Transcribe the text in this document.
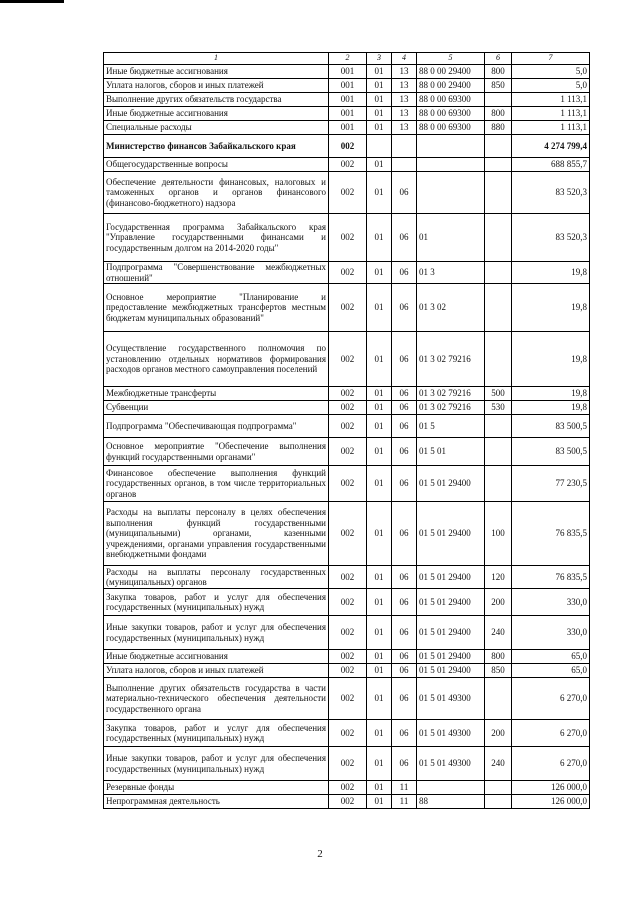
1	2	3	4	5	6	7
Иные бюджетные ассигнования	001	01	13	88 0 00 29400	800	5,0
Уплата налогов, сборов и иных платежей	001	01	13	88 0 00 29400	850	5,0
Выполнение других обязательств государства	001	01	13	88 0 00 69300		1 113,1
Иные бюджетные ассигнования	001	01	13	88 0 00 69300	800	1 113,1
Специальные расходы	001	01	13	88 0 00 69300	880	1 113,1
Министерство финансов Забайкальского края	002					4 274 799,4
Общегосударственные вопросы	002	01				688 855,7
Обеспечение деятельности финансовых, налоговых и таможенных органов и органов финансового (финансово-бюджетного) надзора	002	01	06			83 520,3
Государственная программа Забайкальского края "Управление государственными финансами и государственным долгом на 2014-2020 годы"	002	01	06	01		83 520,3
Подпрограмма "Совершенствование межбюджетных отношений"	002	01	06	01 3		19,8
Основное мероприятие "Планирование и предоставление межбюджетных трансфертов местным бюджетам муниципальных образований"	002	01	06	01 3 02		19,8
Осуществление государственного полномочия по установлению отдельных нормативов формирования расходов органов местного самоуправления поселений	002	01	06	01 3 02 79216		19,8
Межбюджетные трансферты	002	01	06	01 3 02 79216	500	19,8
Субвенции	002	01	06	01 3 02 79216	530	19,8
Подпрограмма "Обеспечивающая подпрограмма"	002	01	06	01 5		83 500,5
Основное мероприятие "Обеспечение выполнения функций государственными органами"	002	01	06	01 5 01		83 500,5
Финансовое обеспечение выполнения функций государственных органов, в том числе территориальных органов	002	01	06	01 5 01 29400		77 230,5
Расходы на выплаты персоналу в целях обеспечения выполнения функций государственными (муниципальными) органами, казенными учреждениями, органами управления государственными внебюджетными фондами	002	01	06	01 5 01 29400	100	76 835,5
Расходы на выплаты персоналу государственных (муниципальных) органов	002	01	06	01 5 01 29400	120	76 835,5
Закупка товаров, работ и услуг для обеспечения государственных (муниципальных) нужд	002	01	06	01 5 01 29400	200	330,0
Иные закупки товаров, работ и услуг для обеспечения государственных (муниципальных) нужд	002	01	06	01 5 01 29400	240	330,0
Иные бюджетные ассигнования	002	01	06	01 5 01 29400	800	65,0
Уплата налогов, сборов и иных платежей	002	01	06	01 5 01 29400	850	65,0
Выполнение других обязательств государства в части материально-технического обеспечения деятельности государственного органа	002	01	06	01 5 01 49300		6 270,0
Закупка товаров, работ и услуг для обеспечения государственных (муниципальных) нужд	002	01	06	01 5 01 49300	200	6 270,0
Иные закупки товаров, работ и услуг для обеспечения государственных (муниципальных) нужд	002	01	06	01 5 01 49300	240	6 270,0
Резервные фонды	002	01	11			126 000,0
Непрограммная деятельность	002	01	11	88		126 000,0
2
